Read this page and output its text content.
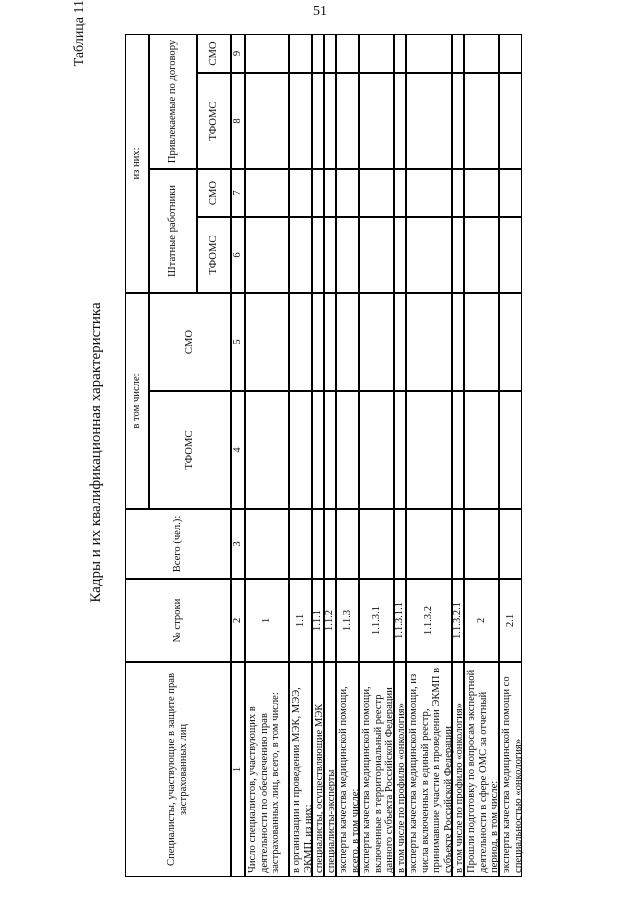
51
Кадры и их квалификационная характеристика
Таблица 11
Специалисты, участвующие в защите прав застрахованных лиц
№ строки
Всего (чел.):
в том числе:
ТФОМС
СМО
из них:
Штатные работники
Привлекаемые по договору
ТФОМС
СМО
ТФОМС
СМО
1
2
3
4
5
6
7
8
9
Число специалистов, участвующих в деятельности по обеспечению прав застрахованных лиц, всего, в том числе:
1
в организации и проведении МЭК, МЭЭ, ЭКМП, из них:
1.1
специалисты, осуществляющие МЭК
1.1.1
специалисты-эксперты
1.1.2
эксперты качества медицинской помощи, всего, в том числе:
1.1.3
эксперты качества медицинской помощи, включенные в территориальный реестр данного субъекта Российской Федерации
1.1.3.1
в том числе по профилю «онкология»
1.1.3.1.1
эксперты качества медицинской помощи, из числа включенных в единый реестр, принимавшие участие в проведении ЭКМП в субъекте Российской Федерации
1.1.3.2
в том числе по профилю «онкология»
1.1.3.2.1
Прошли подготовку по вопросам экспертной деятельности в сфере ОМС за отчетный период, в том числе:
2
эксперты качества медицинской помощи со специальностью «онкология»
2.1
